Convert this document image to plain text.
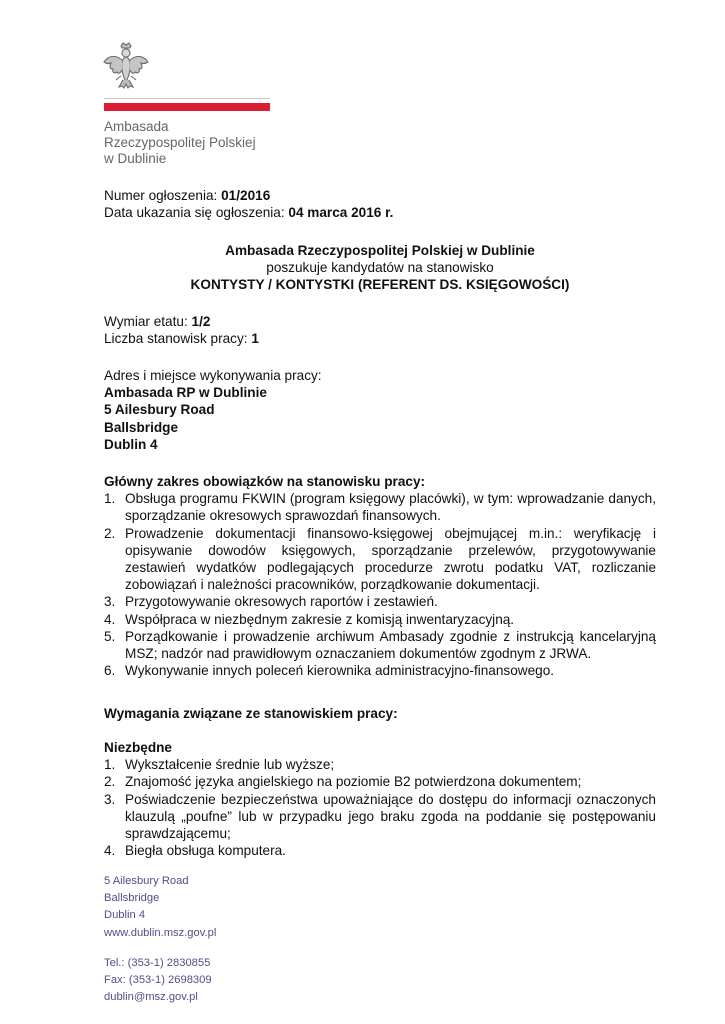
Ambasada
Rzeczypospolitej Polskiej
w Dublinie
Numer ogłoszenia: 01/2016
Data ukazania się ogłoszenia: 04 marca 2016 r.
Ambasada Rzeczypospolitej Polskiej w Dublinie
poszukuje kandydatów na stanowisko
KONTYSTY / KONTYSTKI (REFERENT DS. KSIĘGOWOŚCI)
Wymiar etatu: 1/2
Liczba stanowisk pracy: 1
Adres i miejsce wykonywania pracy:
Ambasada RP w Dublinie
5 Ailesbury Road
Ballsbridge
Dublin 4
Główny zakres obowiązków na stanowisku pracy:
1. Obsługa programu FKWIN (program księgowy placówki), w tym: wprowadzanie danych, sporządzanie okresowych sprawozdań finansowych.
2. Prowadzenie dokumentacji finansowo-księgowej obejmującej m.in.: weryfikację i opisywanie dowodów księgowych, sporządzanie przelewów, przygotowywanie zestawień wydatków podlegających procedurze zwrotu podatku VAT, rozliczanie zobowiązań i należności pracowników, porządkowanie dokumentacji.
3. Przygotowywanie okresowych raportów i zestawień.
4. Współpraca w niezbędnym zakresie z komisją inwentaryzacyjną.
5. Porządkowanie i prowadzenie archiwum Ambasady zgodnie z instrukcją kancelaryjną MSZ; nadzór nad prawidłowym oznaczaniem dokumentów zgodnym z JRWA.
6. Wykonywanie innych poleceń kierownika administracyjno-finansowego.
Wymagania związane ze stanowiskiem pracy:
Niezbędne
1. Wykształcenie średnie lub wyższe;
2. Znajomość języka angielskiego na poziomie B2 potwierdzona dokumentem;
3. Poświadczenie bezpieczeństwa upoważniające do dostępu do informacji oznaczonych klauzulą „poufne” lub w przypadku jego braku zgoda na poddanie się postępowaniu sprawdzającemu;
4. Biegła obsługa komputera.
5 Ailesbury Road
Ballsbridge
Dublin 4
www.dublin.msz.gov.pl
Tel.: (353-1) 2830855
Fax: (353-1) 2698309
dublin@msz.gov.pl
